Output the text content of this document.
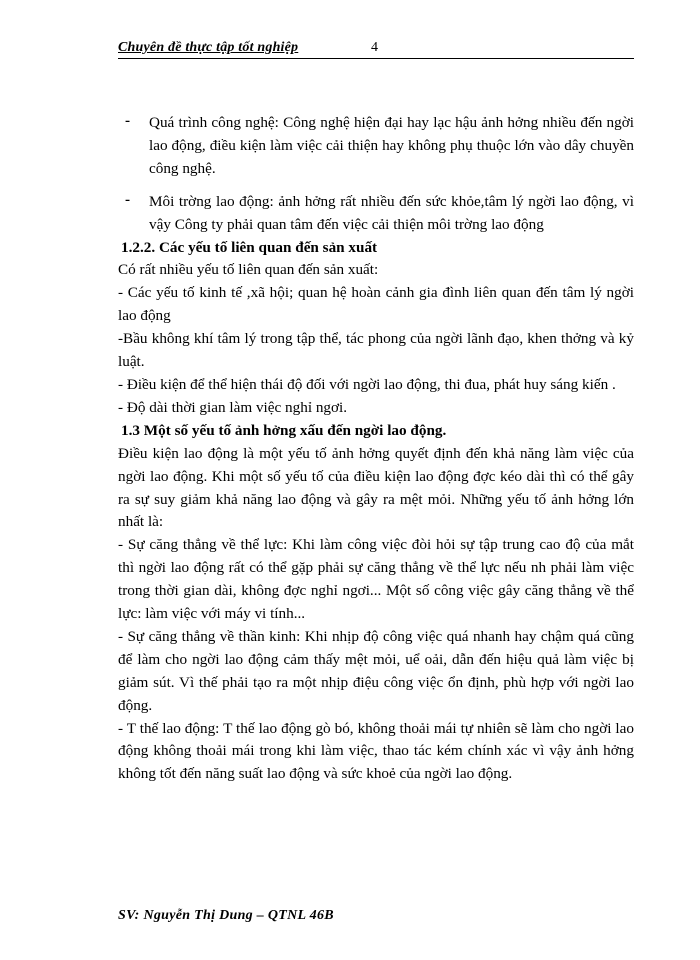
Chuyên đề thực tập tốt nghiệp	4
- Quá trình công nghệ: Công nghệ hiện đại hay lạc hậu ảnh hởng nhiều đến ngời lao động, điều kiện làm việc cải thiện hay không phụ thuộc lớn vào dây chuyền công nghệ.
- Môi trờng lao động: ảnh hởng rất nhiều đến sức khỏe,tâm lý ngời lao động, vì vậy Công ty phải quan tâm đến việc cải thiện môi trờng lao động

1.2.2. Các yếu tố liên quan đến sản xuất

Có rất nhiều yếu tố liên quan đến sản xuất:

- Các yếu tố kinh tế ,xã hội; quan hệ hoàn cảnh gia đình liên quan đến tâm lý ngời lao động

-Bầu không khí tâm lý trong tập thể, tác phong của ngời lãnh đạo, khen thởng và kỷ luật.

- Điều kiện để thể hiện thái độ đối với ngời lao động, thi đua, phát huy sáng kiến .

- Độ dài thời gian làm việc nghỉ ngơi.

1.3 Một số yếu tố ảnh hởng xấu đến ngời lao động.

Điều kiện lao động là một yếu tố ảnh hởng quyết định đến khả năng làm việc của ngời lao động. Khi một số yếu tố của điều kiện lao động đợc kéo dài thì có thể gây ra sự suy giảm khả năng lao động và gây ra mệt mỏi. Những yếu tố ảnh hởng lớn nhất là:

- Sự căng thẳng về thể lực: Khi làm công việc đòi hỏi sự tập trung cao độ của mắt thì ngời lao động rất có thể gặp phải sự căng thẳng về thể lực nếu nh phải làm việc trong thời gian dài, không đợc nghỉ ngơi... Một số công việc gây căng thẳng về thể lực: làm việc với máy vi tính...

- Sự căng thẳng về thần kinh: Khi nhịp độ công việc quá nhanh hay chậm quá cũng để làm cho ngời lao động cảm thấy mệt mỏi, uể oải, dẫn đến hiệu quả làm việc bị giảm sút. Vì thế phải tạo ra một nhịp điệu công việc ổn định, phù hợp với ngời lao động.

- T thế lao động: T thế lao động gò bó, không thoải mái tự nhiên sẽ làm cho ngời lao động không thoải mái trong khi làm việc, thao tác kém chính xác vì vậy ảnh hởng không tốt đến năng suất lao động và sức khoẻ của ngời lao động.

SV: Nguyễn Thị Dung – QTNL 46B
